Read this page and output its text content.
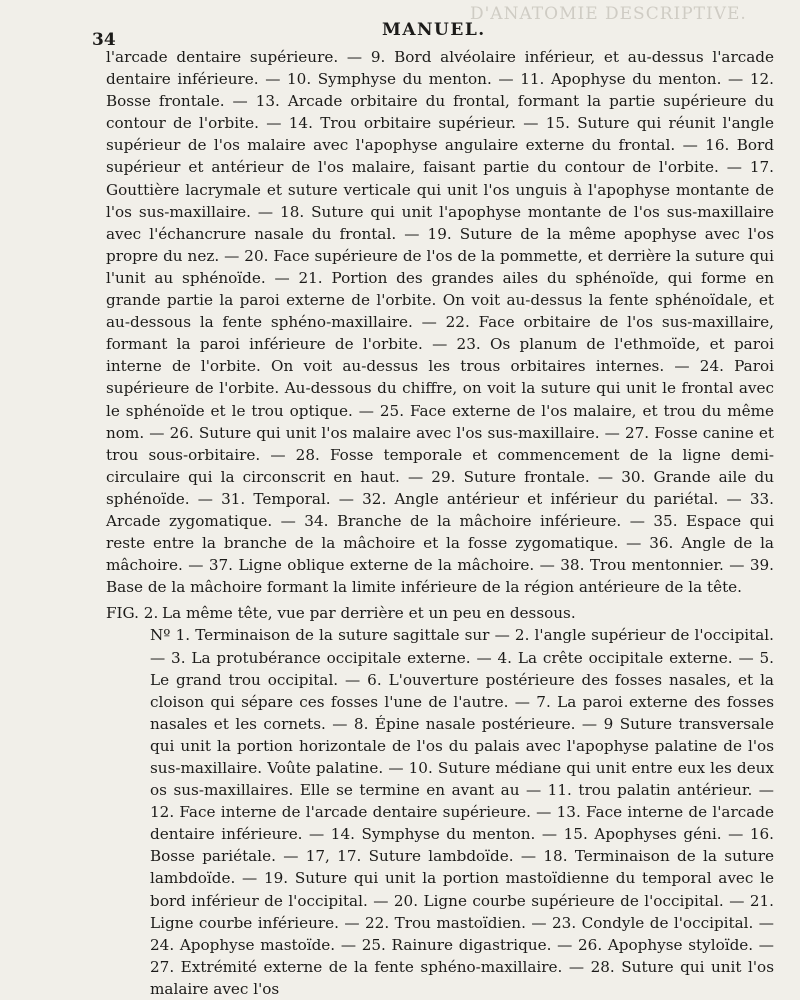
D'ANATOMIE DESCRIPTIVE.
34	MANUEL.

l'arcade dentaire supérieure. — 9. Bord alvéolaire inférieur, et au-dessus l'arcade dentaire inférieure. — 10. Symphyse du menton. — 11. Apophyse du menton. — 12. Bosse frontale. — 13. Arcade orbitaire du frontal, formant la partie supérieure du contour de l'orbite. — 14. Trou orbitaire supérieur. — 15. Suture qui réunit l'angle supérieur de l'os malaire avec l'apophyse angulaire externe du frontal. — 16. Bord supérieur et antérieur de l'os malaire, faisant partie du contour de l'orbite. — 17. Gouttière lacrymale et suture verticale qui unit l'os unguis à l'apophyse montante de l'os sus-maxillaire. — 18. Suture qui unit l'apophyse montante de l'os sus-maxillaire avec l'échancrure nasale du frontal. — 19. Suture de la même apophyse avec l'os propre du nez. — 20. Face supérieure de l'os de la pommette, et derrière la suture qui l'unit au sphénoïde. — 21. Portion des grandes ailes du sphénoïde, qui forme en grande partie la paroi externe de l'orbite. On voit au-dessus la fente sphénoïdale, et au-dessous la fente sphéno-maxillaire. — 22. Face orbitaire de l'os sus-maxillaire, formant la paroi inférieure de l'orbite. — 23. Os planum de l'ethmoïde, et paroi interne de l'orbite. On voit au-dessus les trous orbitaires internes. — 24. Paroi supérieure de l'orbite. Au-dessous du chiffre, on voit la suture qui unit le frontal avec le sphénoïde et le trou optique. — 25. Face externe de l'os malaire, et trou du même nom. — 26. Suture qui unit l'os malaire avec l'os sus-maxillaire. — 27. Fosse canine et trou sous-orbitaire. — 28. Fosse temporale et commencement de la ligne demi-circulaire qui la circonscrit en haut. — 29. Suture frontale. — 30. Grande aile du sphénoïde. — 31. Temporal. — 32. Angle antérieur et inférieur du pariétal. — 33. Arcade zygomatique. — 34. Branche de la mâchoire inférieure. — 35. Espace qui reste entre la branche de la mâchoire et la fosse zygomatique. — 36. Angle de la mâchoire. — 37. Ligne oblique externe de la mâchoire. — 38. Trou mentonnier. — 39. Base de la mâchoire formant la limite inférieure de la région antérieure de la tête.

FIG. 2. La même tête, vue par derrière et un peu en dessous.

Nº 1. Terminaison de la suture sagittale sur — 2. l'angle supérieur de l'occipital. — 3. La protubérance occipitale externe. — 4. La crête occipitale externe. — 5. Le grand trou occipital. — 6. L'ouverture postérieure des fosses nasales, et la cloison qui sépare ces fosses l'une de l'autre. — 7. La paroi externe des fosses nasales et les cornets. — 8. Épine nasale postérieure. — 9 Suture transversale qui unit la portion horizontale de l'os du palais avec l'apophyse palatine de l'os sus-maxillaire. Voûte palatine. — 10. Suture médiane qui unit entre eux les deux os sus-maxillaires. Elle se termine en avant au — 11. trou palatin antérieur. — 12. Face interne de l'arcade dentaire supérieure. — 13. Face interne de l'arcade dentaire inférieure. — 14. Symphyse du menton. — 15. Apophyses géni. — 16. Bosse pariétale. — 17, 17. Suture lambdoïde. — 18. Terminaison de la suture lambdoïde. — 19. Suture qui unit la portion mastoïdienne du temporal avec le bord inférieur de l'occipital. — 20. Ligne courbe supérieure de l'occipital. — 21. Ligne courbe inférieure. — 22. Trou mastoïdien. — 23. Condyle de l'occipital. — 24. Apophyse mastoïde. — 25. Rainure digastrique. — 26. Apophyse styloïde. — 27. Extrémité externe de la fente sphéno-maxillaire. — 28. Suture qui unit l'os malaire avec l'os
